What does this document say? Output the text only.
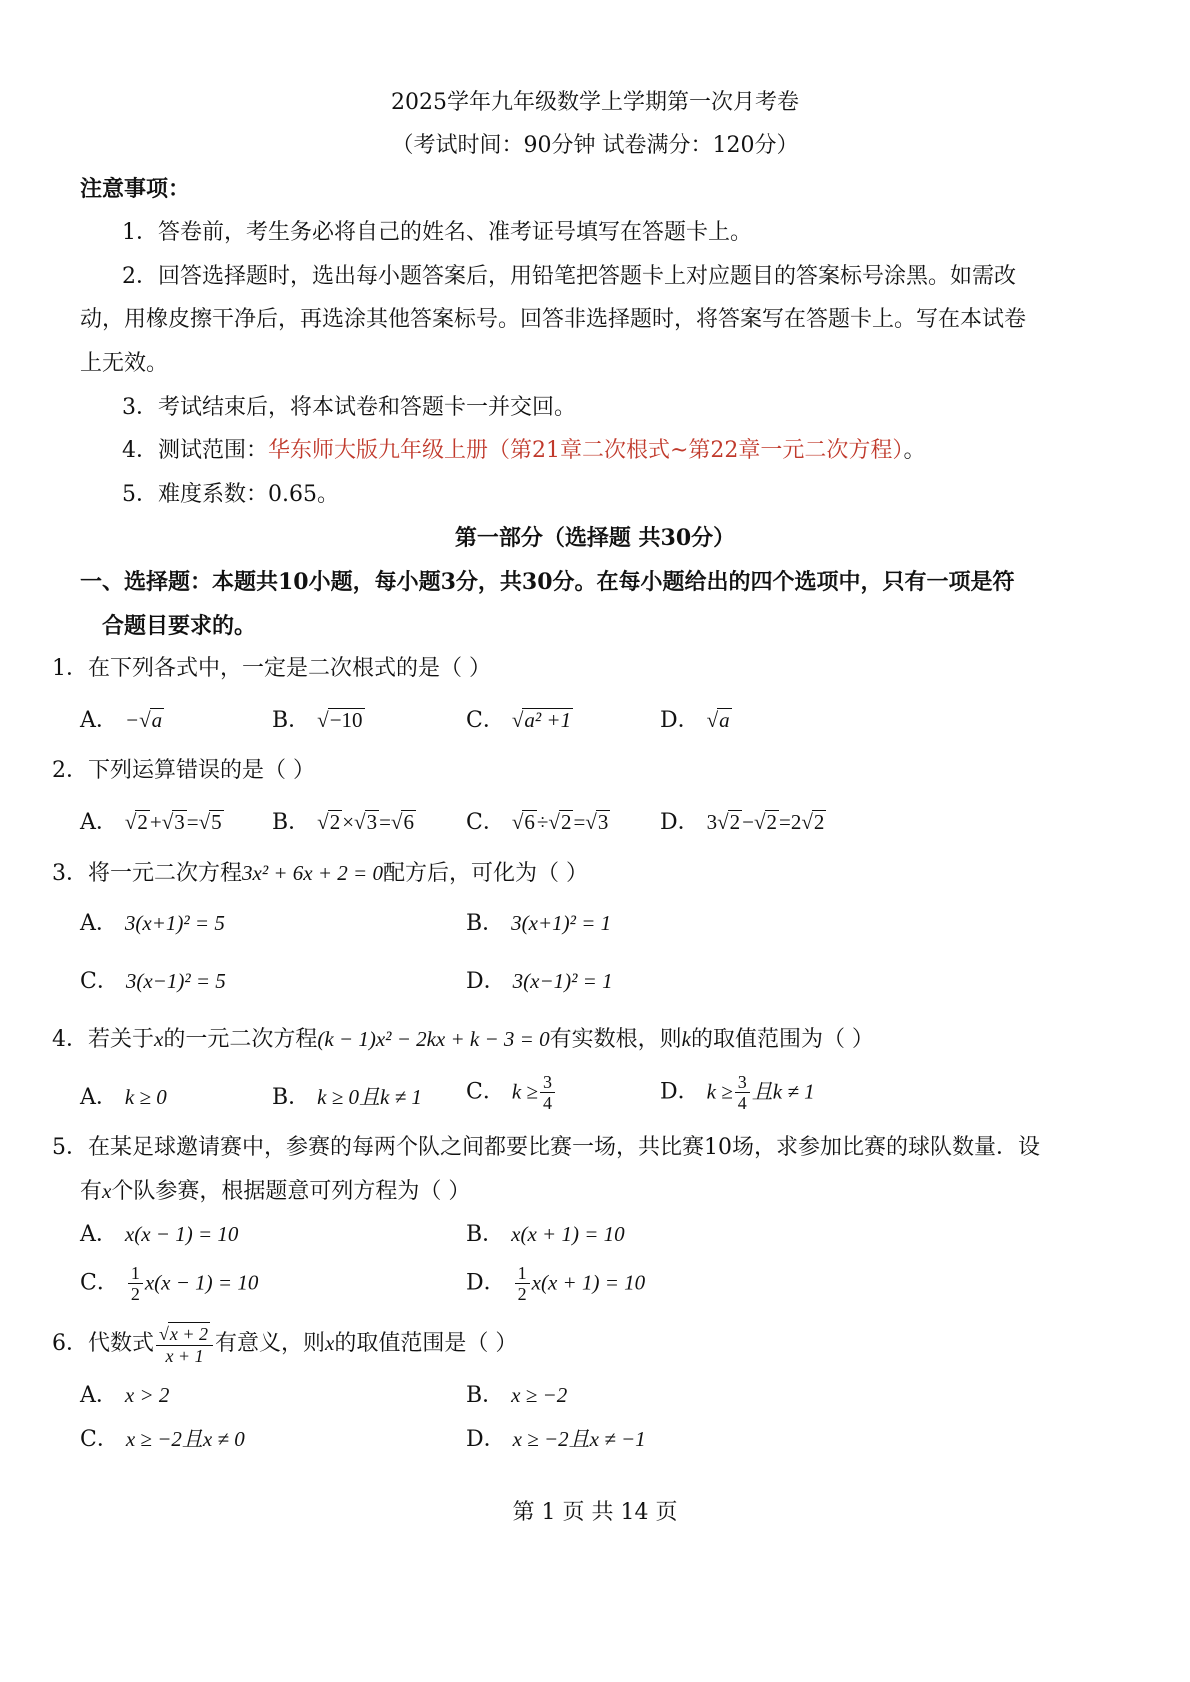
2025学年九年级数学上学期第一次月考卷
（考试时间：90分钟 试卷满分：120分）
注意事项：
1．答卷前，考生务必将自己的姓名、准考证号填写在答题卡上。
2．回答选择题时，选出每小题答案后，用铅笔把答题卡上对应题目的答案标号涂黑。如需改
动，用橡皮擦干净后，再选涂其他答案标号。回答非选择题时，将答案写在答题卡上。写在本试卷
上无效。
3．考试结束后，将本试卷和答题卡一并交回。
4．测试范围：华东师大版九年级上册（第21章二次根式~第22章一元二次方程）。
5．难度系数：0.65。
第一部分（选择题 共30分）
一、选择题：本题共10小题，每小题3分，共30分。在每小题给出的四个选项中，只有一项是符
合题目要求的。
1．在下列各式中，一定是二次根式的是（ ）
A． −√a	B． √−10	C． √a² +1	D． √a
2．下列运算错误的是（ ）
A． √2+√3=√5 B． √2×√3=√6 C． √6÷√2=√3 D． 3√2−√2=2√2
3．将一元二次方程3x² + 6x + 2 = 0配方后，可化为（ ）
A． 3(x+1)² = 5	B． 3(x+1)² = 1
C． 3(x−1)² = 5	D． 3(x−1)² = 1
4．若关于x的一元二次方程(k − 1)x² − 2kx + k − 3 = 0有实数根，则k的取值范围为（ ）
A． k ≥ 0	B． k ≥ 0且k ≠ 1 C． $k \ge \frac{3}{4}$	D． $k \ge \frac{3}{4}$ 且k ≠ 1
5．在某足球邀请赛中，参赛的每两个队之间都要比赛一场，共比赛10场，求参加比赛的球队数量．设
有x个队参赛，根据题意可列方程为（ ）
A． x(x − 1) = 10	B． x(x + 1) = 10
C． $\frac{1}{2} x(x - 1) = 10$	D． $\frac{1}{2} x(x + 1) = 10$
6．代数式 $\frac{√x + 2}{x + 1}$ 有意义，则x的取值范围是（ ）
A． x > 2	B． x ≥ −2
C． x ≥ −2且x ≠ 0	D． x ≥ −2且x ≠ −1
第 1 页 共 14 页
